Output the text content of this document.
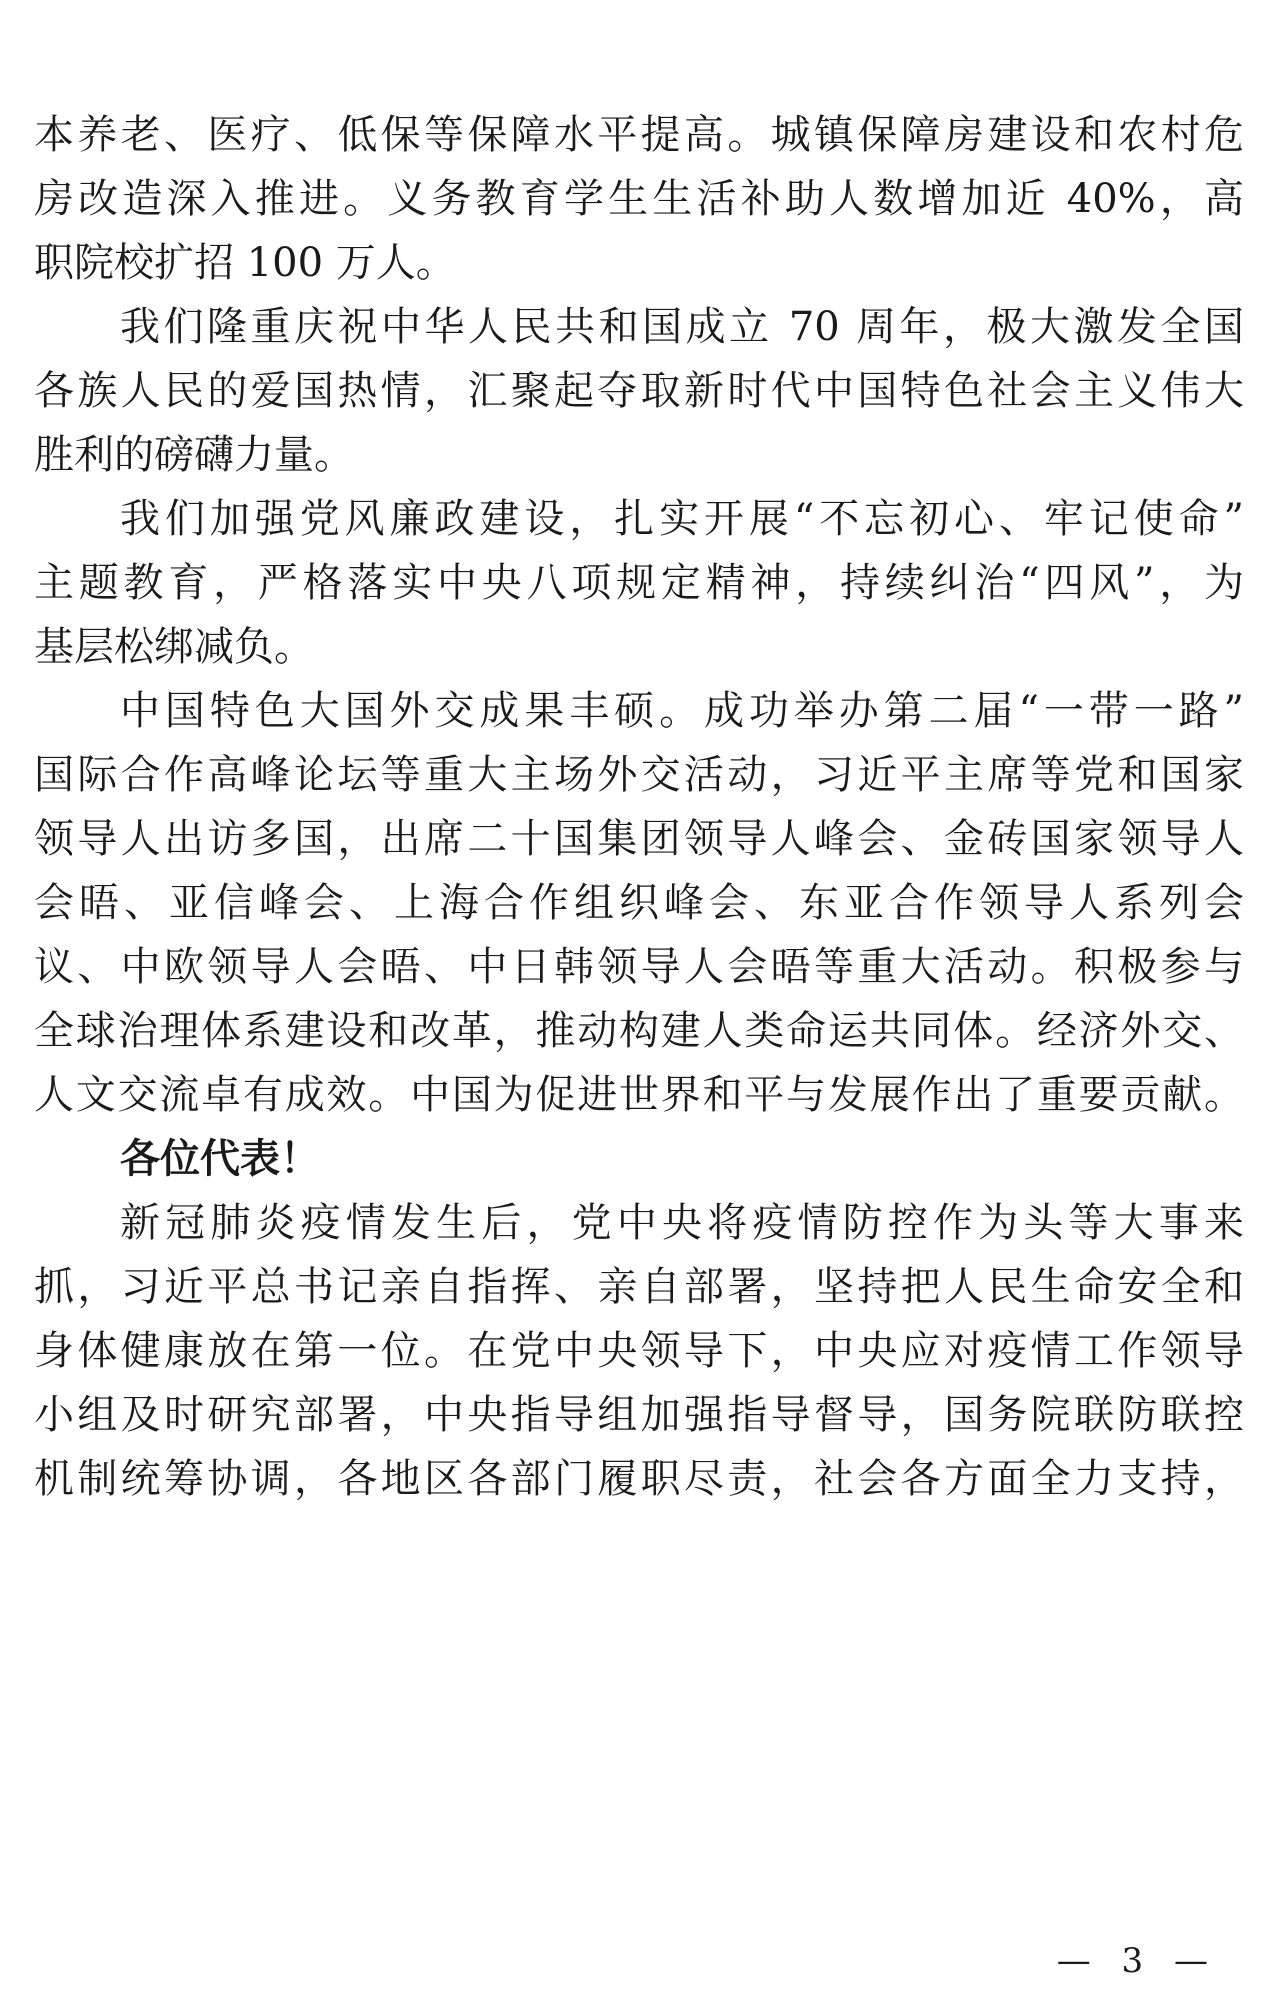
本养老、医疗、低保等保障水平提高。城镇保障房建设和农村危
房改造深入推进。义务教育学生生活补助人数增加近 40%，高
职院校扩招 100 万人。
我们隆重庆祝中华人民共和国成立 70 周年，极大激发全国
各族人民的爱国热情，汇聚起夺取新时代中国特色社会主义伟大
胜利的磅礴力量。
我们加强党风廉政建设，扎实开展“不忘初心、牢记使命”
主题教育，严格落实中央八项规定精神，持续纠治“四风”，为
基层松绑减负。
中国特色大国外交成果丰硕。成功举办第二届“一带一路”
国际合作高峰论坛等重大主场外交活动，习近平主席等党和国家
领导人出访多国，出席二十国集团领导人峰会、金砖国家领导人
会晤、亚信峰会、上海合作组织峰会、东亚合作领导人系列会
议、中欧领导人会晤、中日韩领导人会晤等重大活动。积极参与
全球治理体系建设和改革，推动构建人类命运共同体。经济外交、
人文交流卓有成效。中国为促进世界和平与发展作出了重要贡献。
各位代表！
新冠肺炎疫情发生后，党中央将疫情防控作为头等大事来
抓，习近平总书记亲自指挥、亲自部署，坚持把人民生命安全和
身体健康放在第一位。在党中央领导下，中央应对疫情工作领导
小组及时研究部署，中央指导组加强指导督导，国务院联防联控
机制统筹协调，各地区各部门履职尽责，社会各方面全力支持，
— 3 —
